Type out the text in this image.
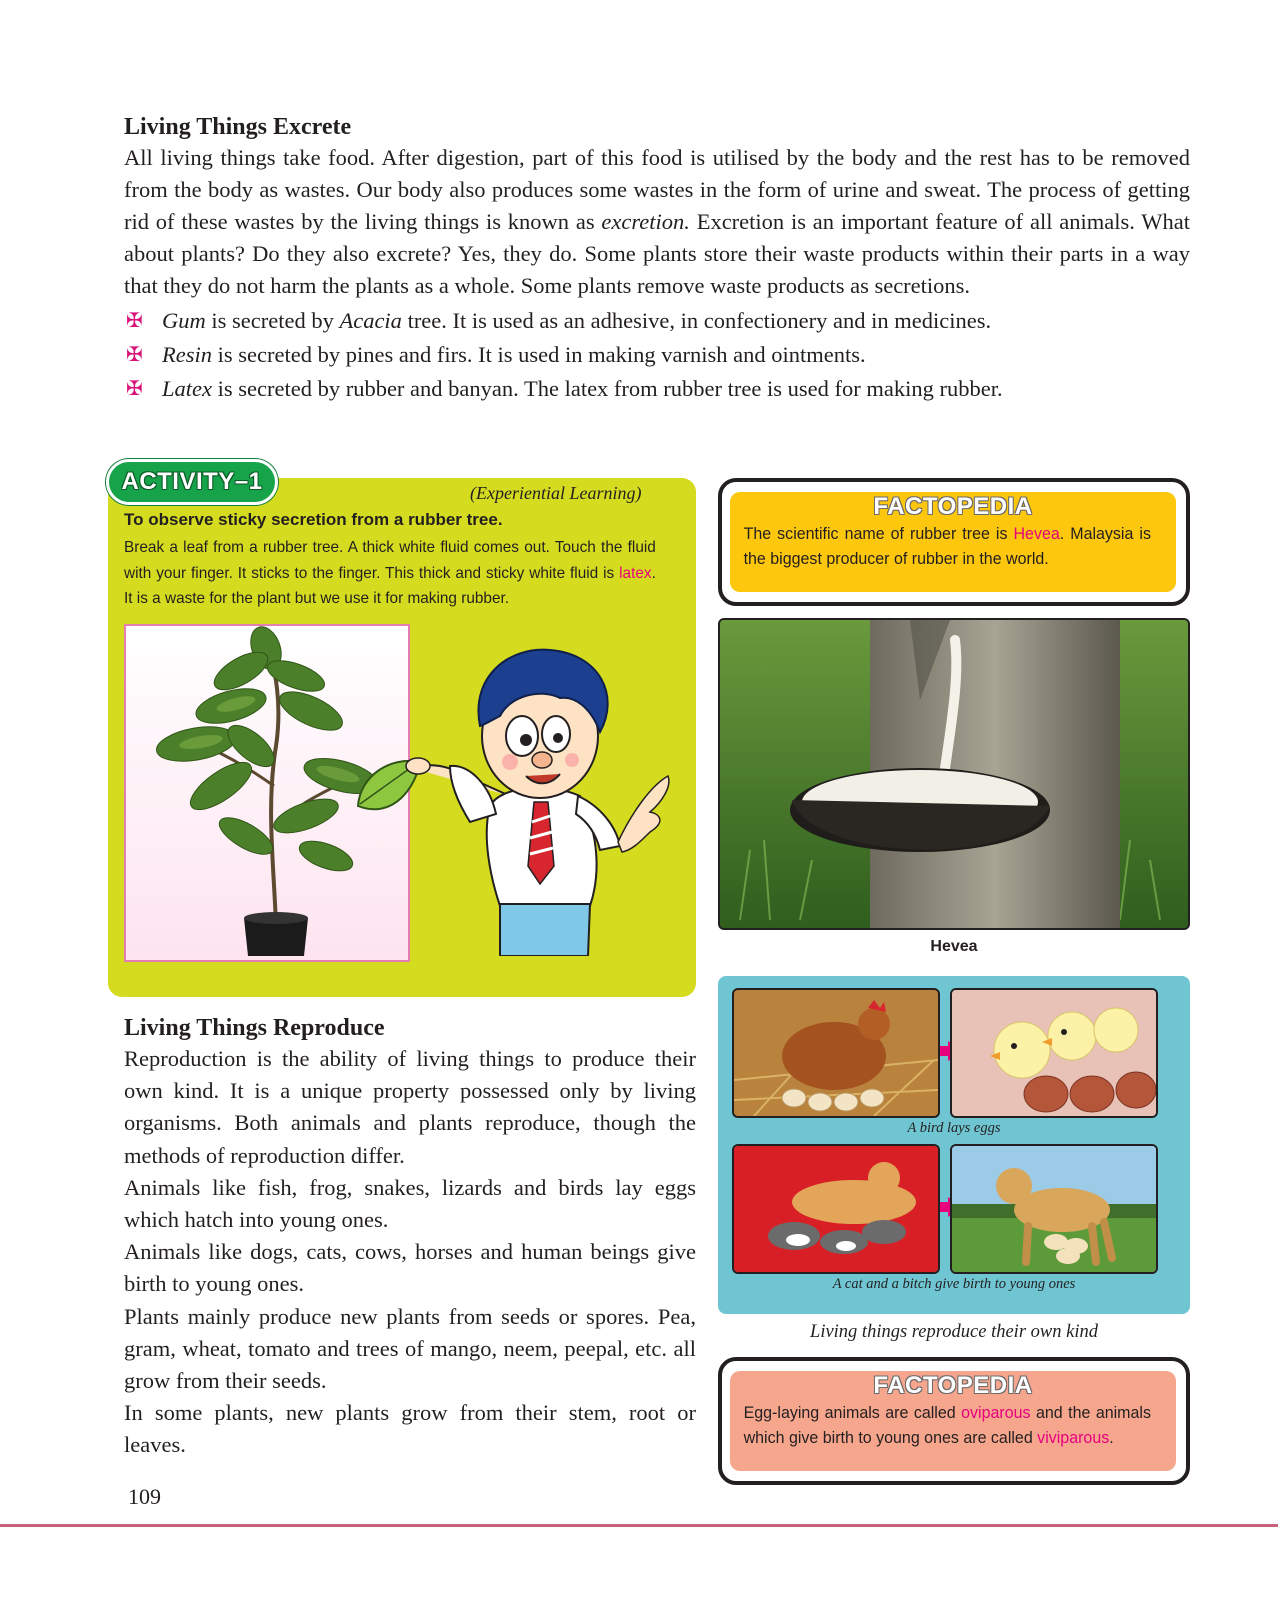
Living Things Excrete

All living things take food. After digestion, part of this food is utilised by the body and the rest has to be removed from the body as wastes. Our body also produces some wastes in the form of urine and sweat. The process of getting rid of these wastes by the living things is known as excretion. Excretion is an important feature of all animals. What about plants? Do they also excrete? Yes, they do. Some plants store their waste products within their parts in a way that they do not harm the plants as a whole. Some plants remove waste products as secretions.

✠ Gum is secreted by Acacia tree. It is used as an adhesive, in confectionery and in medicines.
✠ Resin is secreted by pines and firs. It is used in making varnish and ointments.
✠ Latex is secreted by rubber and banyan. The latex from rubber tree is used for making rubber.
ACTIVITY–1	(Experiential Learning)
To observe sticky secretion from a rubber tree.

Break a leaf from a rubber tree. A thick white fluid comes out. Touch the fluid with your finger. It sticks to the finger. This thick and sticky white fluid is latex. It is a waste for the plant but we use it for making rubber.

FACTOPEDIA

The scientific name of rubber tree is Hevea. Malaysia is the biggest producer of rubber in the world.

Hevea
A bird lays eggs
A cat and a bitch give birth to young ones
Living things reproduce their own kind
FACTOPEDIA

Egg-laying animals are called oviparous and the animals which give birth to young ones are called viviparous.

Living Things Reproduce

Reproduction is the ability of living things to produce their own kind. It is a unique property possessed only by living organisms. Both animals and plants reproduce, though the methods of reproduction differ.

Animals like fish, frog, snakes, lizards and birds lay eggs which hatch into young ones.

Animals like dogs, cats, cows, horses and human beings give birth to young ones.

Plants mainly produce new plants from seeds or spores. Pea, gram, wheat, tomato and trees of mango, neem, peepal, etc. all grow from their seeds.

In some plants, new plants grow from their stem, root or leaves.

109
